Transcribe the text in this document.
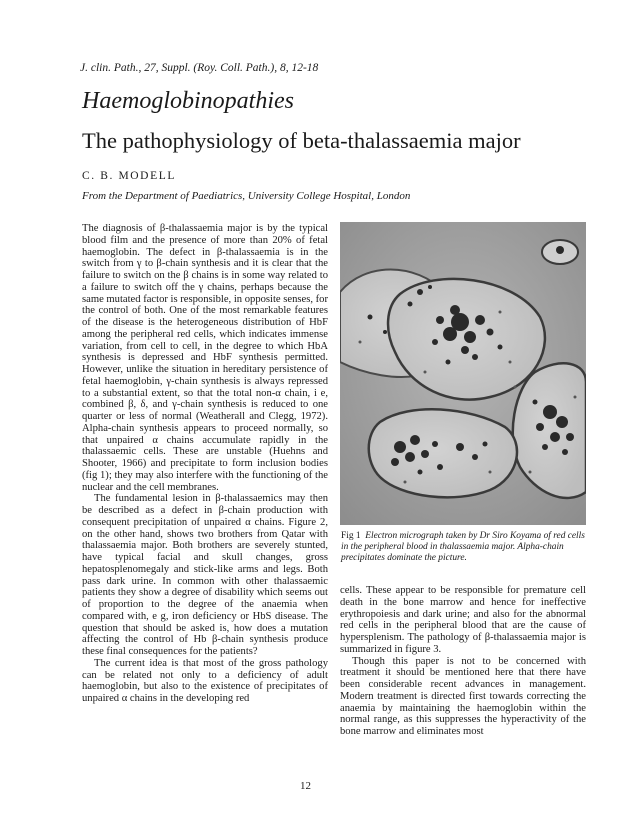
J. clin. Path., 27, Suppl. (Roy. Coll. Path.), 8, 12-18
Haemoglobinopathies
The pathophysiology of beta-thalassaemia major
C. B. MODELL
From the Department of Paediatrics, University College Hospital, London

The diagnosis of β-thalassaemia major is by the typical blood film and the presence of more than 20% of fetal haemoglobin. The defect in β-thalassaemia is in the switch from γ to β-chain synthesis and it is clear that the failure to switch on the β chains is in some way related to a failure to switch off the γ chains, perhaps because the same mutated factor is responsible, in opposite senses, for the control of both. One of the most remarkable features of the disease is the heterogeneous distribution of HbF among the peripheral red cells, which indicates immense variation, from cell to cell, in the degree to which HbA synthesis is depressed and HbF synthesis permitted. However, unlike the situation in hereditary persistence of fetal haemoglobin, γ-chain synthesis is always repressed to a substantial extent, so that the total non-α chain, i e, combined β, δ, and γ-chain synthesis is reduced to one quarter or less of normal (Weatherall and Clegg, 1972). Alpha-chain synthesis appears to proceed normally, so that unpaired α chains accumulate rapidly in the thalassaemic cells. These are unstable (Huehns and Shooter, 1966) and precipitate to form inclusion bodies (fig 1); they may also interfere with the functioning of the nuclear and the cell membranes.

The fundamental lesion in β-thalassaemics may then be described as a defect in β-chain production with consequent precipitation of unpaired α chains. Figure 2, on the other hand, shows two brothers from Qatar with thalassaemia major. Both brothers are severely stunted, have typical facial and skull changes, gross hepatosplenomegaly and stick-like arms and legs. Both pass dark urine. In common with other thalassaemic patients they show a degree of disability which seems out of proportion to the degree of the anaemia when compared with, e g, iron deficiency or HbS disease. The question that should be asked is, how does a mutation affecting the control of Hb β-chain synthesis produce these final consequences for the patients?

The current idea is that most of the gross pathology can be related not only to a deficiency of adult haemoglobin, but also to the existence of precipitates of unpaired α chains in the developing red

Fig 1 Electron micrograph taken by Dr Siro Koyama of red cells in the peripheral blood in thalassaemia major. Alpha-chain precipitates dominate the picture.

cells. These appear to be responsible for premature cell death in the bone marrow and hence for ineffective erythropoiesis and dark urine; and also for the abnormal red cells in the peripheral blood that are the cause of hypersplenism. The pathology of β-thalassaemia major is summarized in figure 3.

Though this paper is not to be concerned with treatment it should be mentioned here that there have been considerable recent advances in management. Modern treatment is directed first towards correcting the anaemia by maintaining the haemoglobin within the normal range, as this suppresses the hyperactivity of the bone marrow and eliminates most

12
